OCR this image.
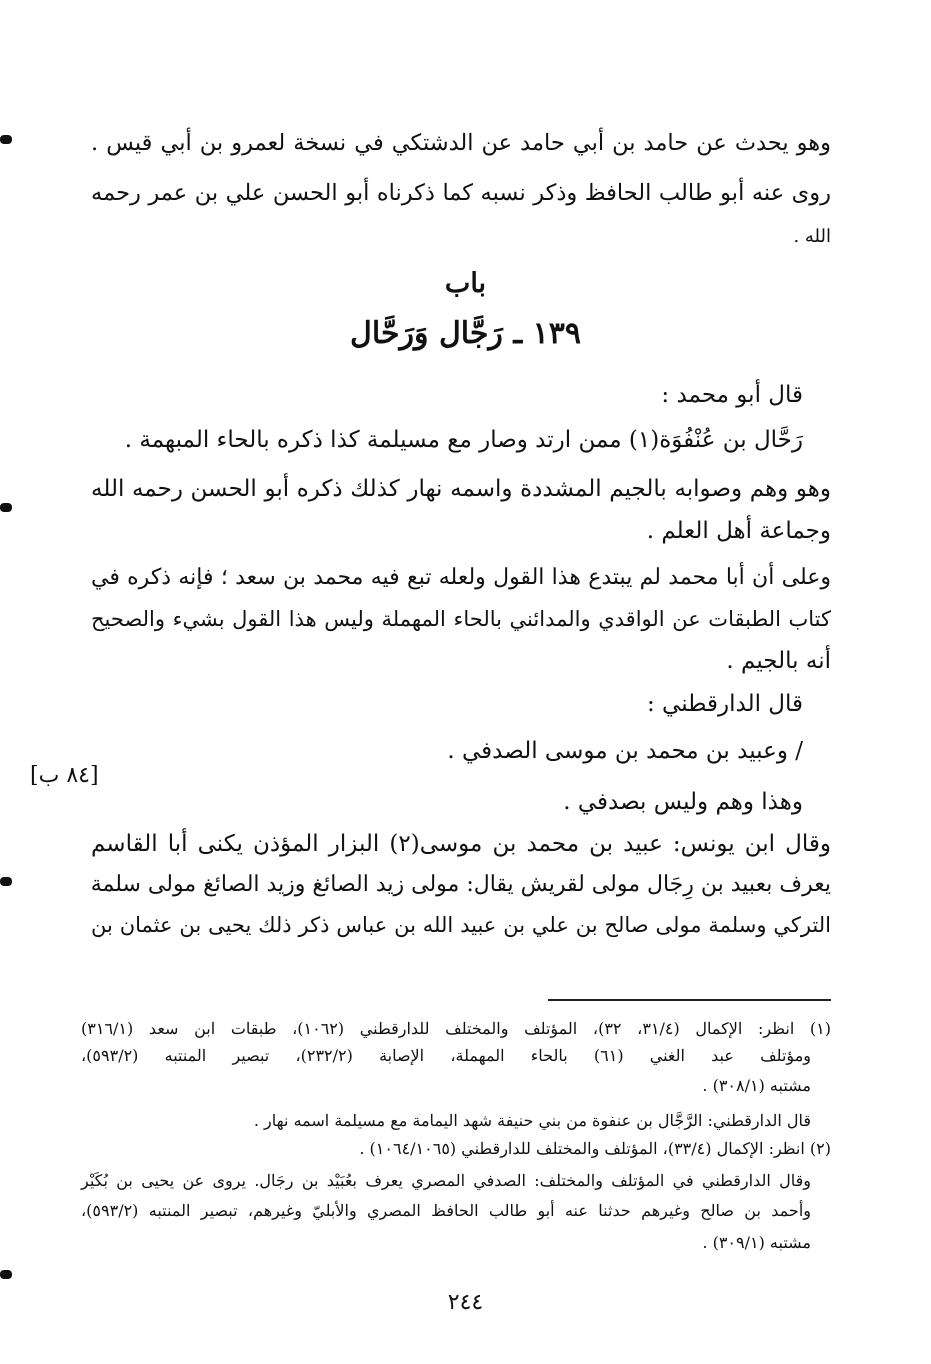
وهو يحدث عن حامد بن أبي حامد عن الدشتكي في نسخة لعمرو بن أبي قيس .
روى عنه أبو طالب الحافظ وذكر نسبه كما ذكرناه أبو الحسن علي بن عمر رحمه
الله .
باب
١٣٩ ـ رَجَّال وَرَحَّال
قال أبو محمد :
رَحَّال بن عُنْفُوَة(١) ممن ارتد وصار مع مسيلمة كذا ذكره بالحاء المبهمة .
وهو وهم وصوابه بالجيم المشددة واسمه نهار كذلك ذكره أبو الحسن رحمه الله
وجماعة أهل العلم .
وعلى أن أبا محمد لم يبتدع هذا القول ولعله تبع فيه محمد بن سعد ؛ فإنه ذكره في
كتاب الطبقات عن الواقدي والمدائني بالحاء المهملة وليس هذا القول بشيء والصحيح
أنه بالجيم .
قال الدارقطني :
/ وعبيد بن محمد بن موسى الصدفي .
وهذا وهم وليس بصدفي .
وقال ابن يونس: عبيد بن محمد بن موسى(٢) البزار المؤذن يكنى أبا القاسم
يعرف بعبيد بن رِجَال مولى لقريش يقال: مولى زيد الصائغ وزيد الصائغ مولى سلمة
التركي وسلمة مولى صالح بن علي بن عبيد الله بن عباس ذكر ذلك يحيى بن عثمان بن
[٨٤ ب]
(١) انظر: الإكمال (٣١/٤، ٣٢)، المؤتلف والمختلف للدارقطني (١٠٦٢)، طبقات ابن سعد (٣١٦/١)
ومؤتلف عبد الغني (٦١) بالحاء المهملة، الإصابة (٢٣٢/٢)، تبصير المنتبه (٥٩٣/٢)،
مشتبه (٣٠٨/١) .
قال الدارقطني: الرَّجَّال بن عنفوة من بني حنيفة شهد اليمامة مع مسيلمة اسمه نهار .
(٢) انظر: الإكمال (٣٣/٤)، المؤتلف والمختلف للدارقطني (١٠٦٤/١٠٦٥) .
وقال الدارقطني في المؤتلف والمختلف: الصدفي المصري يعرف بعُبَيْد بن رجَال. يروى عن يحيى بن بُكَيْر
وأحمد بن صالح وغيرهم حدثنا عنه أبو طالب الحافظ المصري والأبليّ وغيرهم، تبصير المنتبه (٥٩٣/٢)،
مشتبه (٣٠٩/١) .
٢٤٤
